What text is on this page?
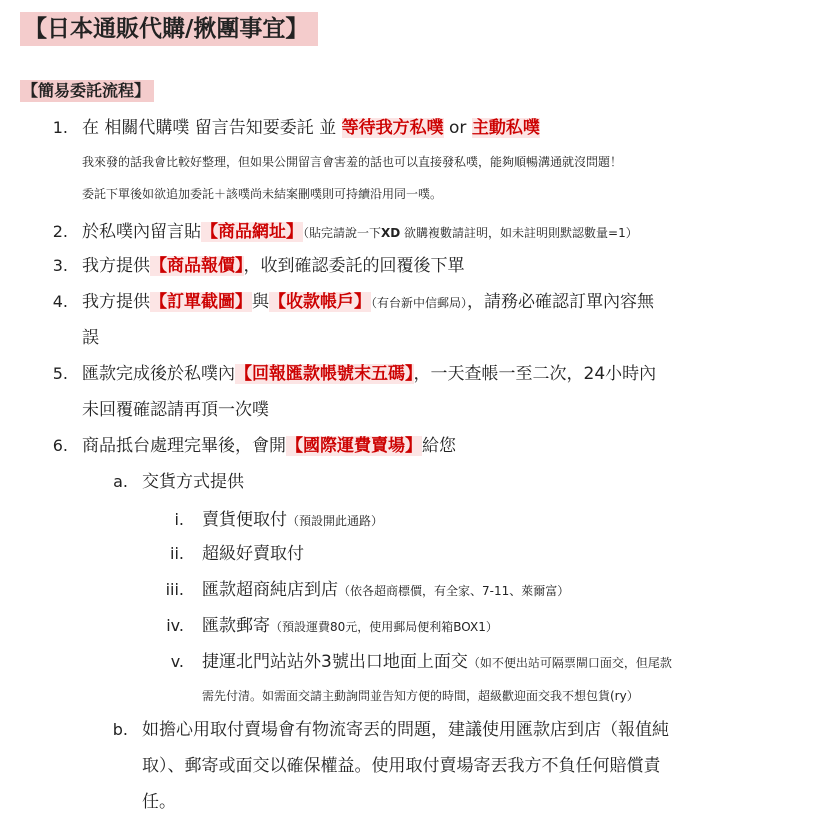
【日本通販代購/揪團事宜】
【簡易委託流程】
1. 在 相關代購噗 留言告知要委託 並 等待我方私噗 or 主動私噗
我來發的話我會比較好整理，但如果公開留言會害羞的話也可以直接發私噗，能夠順暢溝通就沒問題！
委託下單後如欲追加委託＋該噗尚未結案刪噗則可持續沿用同一噗。
2. 於私噗內留言貼【商品網址】（貼完請說一下XD 欲購複數請註明，如未註明則默認數量=1）
3. 我方提供【商品報價】，收到確認委託的回覆後下單
4. 我方提供【訂單截圖】與【收款帳戶】（有台新中信郵局），請務必確認訂單內容無
誤
5. 匯款完成後於私噗內【回報匯款帳號末五碼】，一天查帳一至二次，24小時內
未回覆確認請再頂一次噗
6. 商品抵台處理完畢後，會開【國際運費賣場】給您
a. 交貨方式提供
i. 賣貨便取付（預設開此通路）
ii. 超級好賣取付
iii. 匯款超商純店到店（依各超商標價，有全家、7-11、萊爾富）
iv. 匯款郵寄（預設運費80元，使用郵局便利箱BOX1）
v. 捷運北門站站外3號出口地面上面交（如不便出站可隔票閘口面交，但尾款
需先付清。如需面交請主動詢問並告知方便的時間，超級歡迎面交我不想包貨(ry）
b. 如擔心用取付賣場會有物流寄丟的問題，建議使用匯款店到店（報值純
取）、郵寄或面交以確保權益。使用取付賣場寄丟我方不負任何賠償責
任。
